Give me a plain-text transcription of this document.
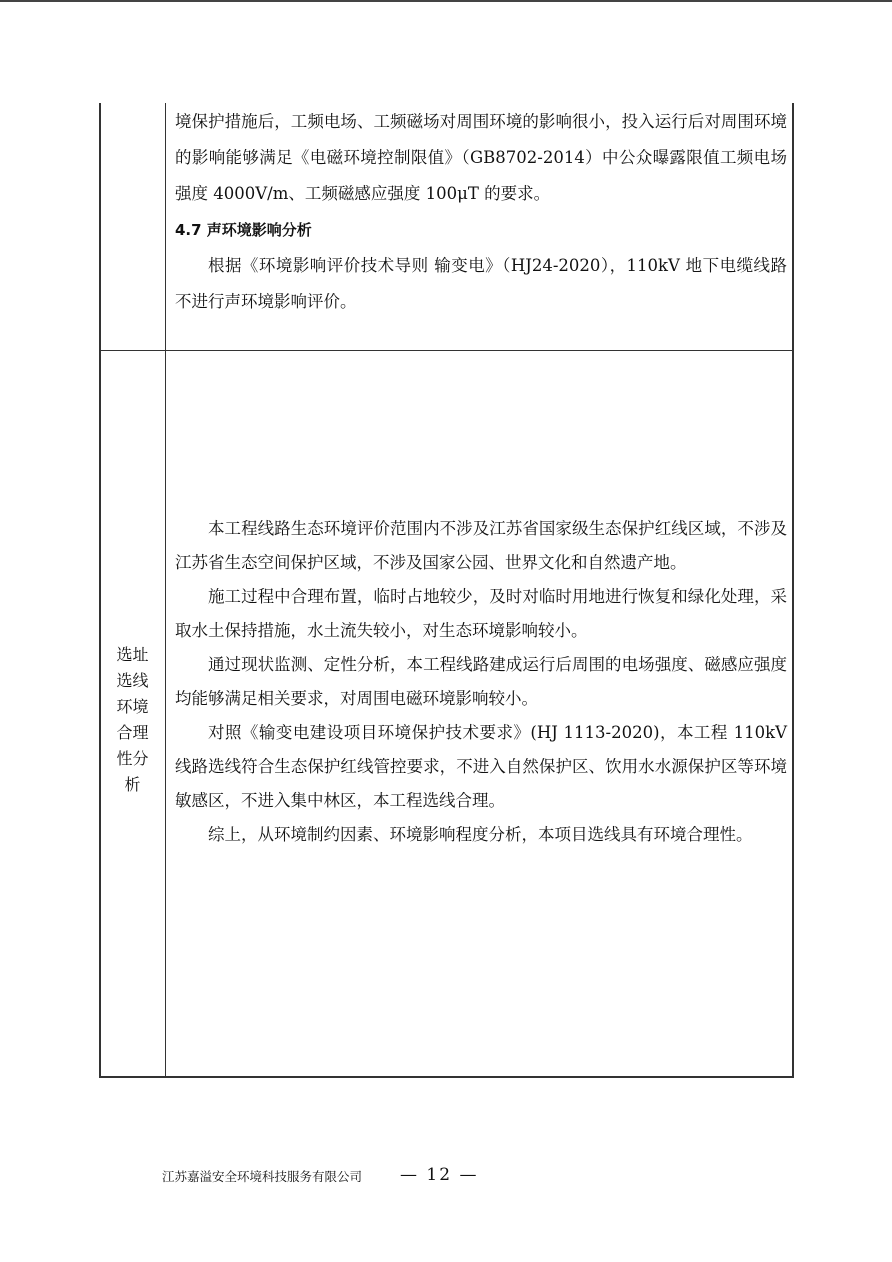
境保护措施后，工频电场、工频磁场对周围环境的影响很小，投入运行后对周围环境的影响能够满足《电磁环境控制限值》（GB8702-2014）中公众曝露限值工频电场强度 4000V/m、工频磁感应强度 100μT 的要求。

4.7 声环境影响分析

根据《环境影响评价技术导则 输变电》（HJ24-2020），110kV 地下电缆线路不进行声环境影响评价。

选址
选线
环境
合理
性分
析

本工程线路生态环境评价范围内不涉及江苏省国家级生态保护红线区域，不涉及江苏省生态空间保护区域，不涉及国家公园、世界文化和自然遗产地。

施工过程中合理布置，临时占地较少，及时对临时用地进行恢复和绿化处理，采取水土保持措施，水土流失较小，对生态环境影响较小。

通过现状监测、定性分析，本工程线路建成运行后周围的电场强度、磁感应强度均能够满足相关要求，对周围电磁环境影响较小。

对照《输变电建设项目环境保护技术要求》(HJ 1113-2020)，本工程 110kV 线路选线符合生态保护红线管控要求，不进入自然保护区、饮用水水源保护区等环境敏感区，不进入集中林区，本工程选线合理。

综上，从环境制约因素、环境影响程度分析，本项目选线具有环境合理性。

江苏嘉溢安全环境科技服务有限公司 — 12 —
